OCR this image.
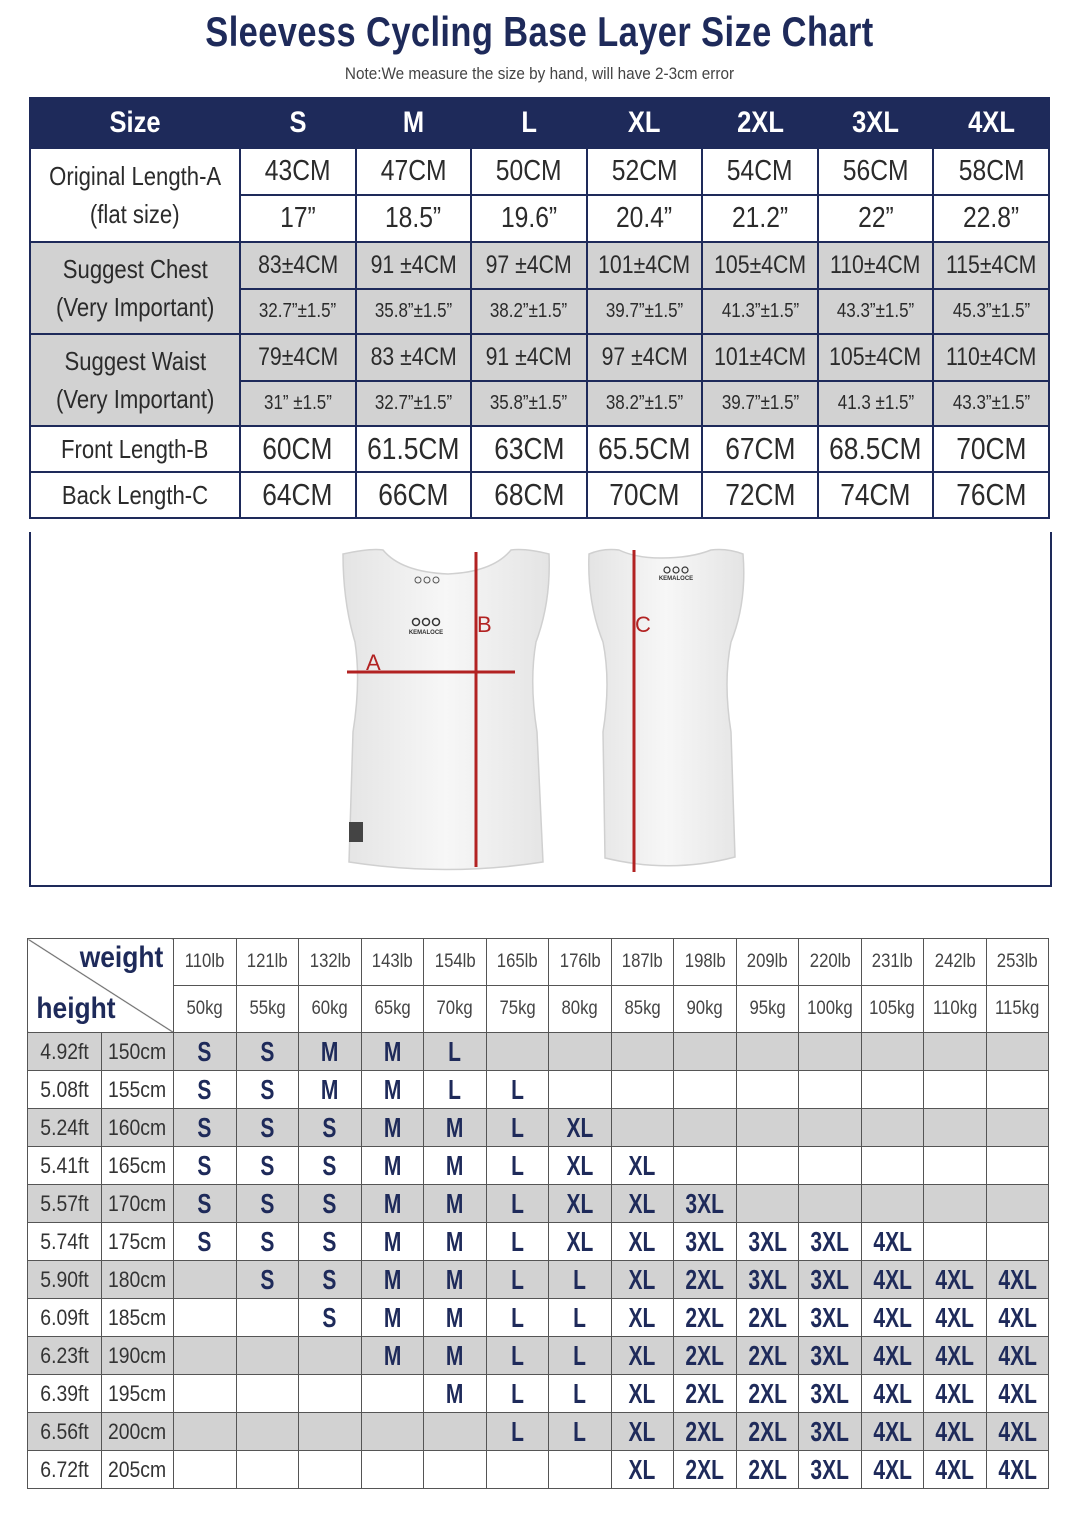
Sleevess Cycling Base Layer Size Chart
Note:We measure the size by hand, will have 2-3cm error
Size	S	M	L	XL	2XL	3XL	4XL
Original Length-A
(flat size)	43CM	47CM	50CM	52CM	54CM	56CM	58CM
	17”	18.5”	19.6”	20.4”	21.2”	22”	22.8”
Suggest Chest
(Very Important)	83±4CM	91 ±4CM	97 ±4CM	101±4CM	105±4CM	110±4CM	115±4CM
	32.7”±1.5”	35.8”±1.5”	38.2”±1.5”	39.7”±1.5”	41.3”±1.5”	43.3”±1.5”	45.3”±1.5”
Suggest Waist
(Very Important)	79±4CM	83 ±4CM	91 ±4CM	97 ±4CM	101±4CM	105±4CM	110±4CM
	31” ±1.5”	32.7”±1.5”	35.8”±1.5”	38.2”±1.5”	39.7”±1.5”	41.3 ±1.5”	43.3”±1.5”
Front Length-B	60CM	61.5CM	63CM	65.5CM	67CM	68.5CM	70CM
Back Length-C	64CM	66CM	68CM	70CM	72CM	74CM	76CM
KEMALOCE
A
B
KEMALOCE
C
weight
height		110lb	121lb	132lb	143lb	154lb	165lb	176lb	187lb	198lb	209lb	220lb	231lb	242lb	253lb
		50kg	55kg	60kg	65kg	70kg	75kg	80kg	85kg	90kg	95kg	100kg	105kg	110kg	115kg
4.92ft	150cm	S	S	M	M	L									
5.08ft	155cm	S	S	M	M	L	L								
5.24ft	160cm	S	S	S	M	M	L	XL							
5.41ft	165cm	S	S	S	M	M	L	XL	XL						
5.57ft	170cm	S	S	S	M	M	L	XL	XL	3XL					
5.74ft	175cm	S	S	S	M	M	L	XL	XL	3XL	3XL	3XL	4XL		
5.90ft	180cm		S	S	M	M	L	L	XL	2XL	3XL	3XL	4XL	4XL	4XL
6.09ft	185cm			S	M	M	L	L	XL	2XL	2XL	3XL	4XL	4XL	4XL
6.23ft	190cm				M	M	L	L	XL	2XL	2XL	3XL	4XL	4XL	4XL
6.39ft	195cm					M	L	L	XL	2XL	2XL	3XL	4XL	4XL	4XL
6.56ft	200cm						L	L	XL	2XL	2XL	3XL	4XL	4XL	4XL
6.72ft	205cm								XL	2XL	2XL	3XL	4XL	4XL	4XL
